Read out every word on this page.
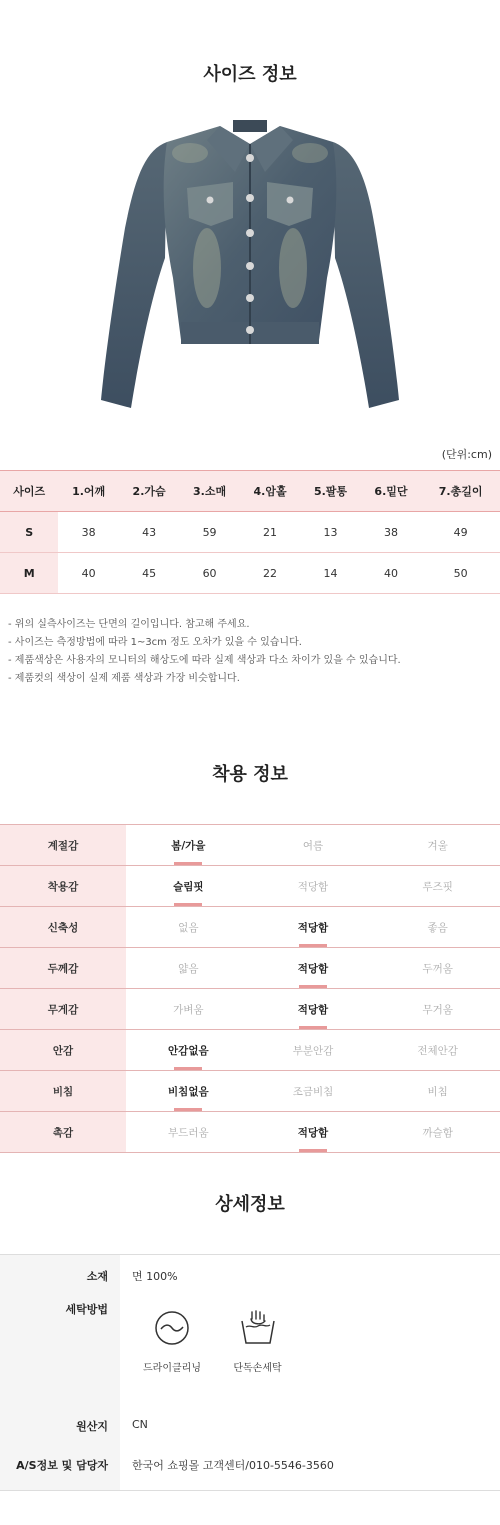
사이즈 정보
(단위:cm)
사이즈	1.어깨	2.가슴	3.소매	4.암홀	5.팔통	6.밑단	7.총길이
S	38	43	59	21	13	38	49
M	40	45	60	22	14	40	50
- 위의 실측사이즈는 단면의 길이입니다. 참고해 주세요.
- 사이즈는 측정방법에 따라 1~3cm 정도 오차가 있을 수 있습니다.
- 제품색상은 사용자의 모니터의 해상도에 따라 실제 색상과 다소 차이가 있을 수 있습니다.
- 제품컷의 색상이 실제 제품 색상과 가장 비슷합니다.
착용 정보
계절감	봄/가을	여름	겨울
착용감	슬림핏	적당함	루즈핏
신축성	없음	적당함	좋음
두께감	얇음	적당함	두꺼움
무게감	가벼움	적당함	무거움
안감	안감없음	부분안감	전체안감
비침	비침없음	조금비침	비침
촉감	부드러움	적당함	까슬함
상세정보
소재	면 100%
세탁방법	드라이클리닝
단독손세탁

원산지	CN
A/S정보 및 담당자	한국어 쇼핑몰 고객센터/010-5546-3560
